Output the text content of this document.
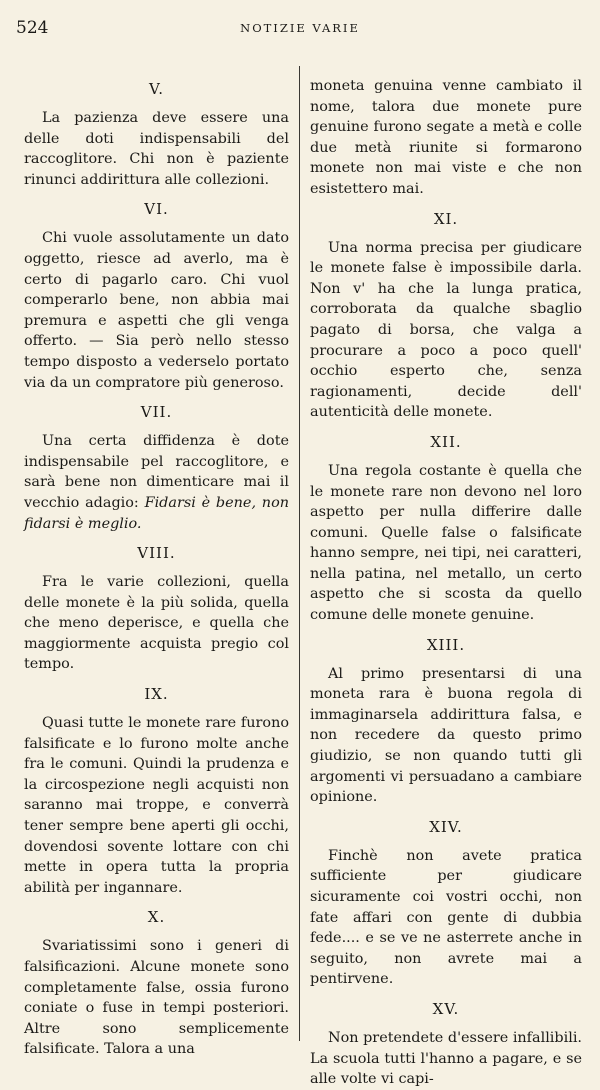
524	NOTIZIE VARIE
V.

La pazienza deve essere una delle doti indispensabili del raccoglitore. Chi non è paziente rinunci addirittura alle collezioni.

VI.

Chi vuole assolutamente un dato oggetto, riesce ad averlo, ma è certo di pagarlo caro. Chi vuol comperarlo bene, non abbia mai premura e aspetti che gli venga offerto. — Sia però nello stesso tempo disposto a vederselo portato via da un compratore più generoso.

VII.

Una certa diffidenza è dote indispensabile pel raccoglitore, e sarà bene non dimenticare mai il vecchio adagio: Fidarsi è bene, non fidarsi è meglio.

VIII.

Fra le varie collezioni, quella delle monete è la più solida, quella che meno deperisce, e quella che maggiormente acquista pregio col tempo.

IX.

Quasi tutte le monete rare furono falsificate e lo furono molte anche fra le comuni. Quindi la prudenza e la circospezione negli acquisti non saranno mai troppe, e converrà tener sempre bene aperti gli occhi, dovendosi sovente lottare con chi mette in opera tutta la propria abilità per ingannare.

X.

Svariatissimi sono i generi di falsificazioni. Alcune monete sono completamente false, ossia furono coniate o fuse in tempi posteriori. Altre sono semplicemente falsificate. Talora a una

moneta genuina venne cambiato il nome, talora due monete pure genuine furono segate a metà e colle due metà riunite si formarono monete non mai viste e che non esistettero mai.

XI.

Una norma precisa per giudicare le monete false è impossibile darla. Non v' ha che la lunga pratica, corroborata da qualche sbaglio pagato di borsa, che valga a procurare a poco a poco quell' occhio esperto che, senza ragionamenti, decide dell' autenticità delle monete.

XII.

Una regola costante è quella che le monete rare non devono nel loro aspetto per nulla differire dalle comuni. Quelle false o falsificate hanno sempre, nei tipi, nei caratteri, nella patina, nel metallo, un certo aspetto che si scosta da quello comune delle monete genuine.

XIII.

Al primo presentarsi di una moneta rara è buona regola di immaginarsela addirittura falsa, e non recedere da questo primo giudizio, se non quando tutti gli argomenti vi persuadano a cambiare opinione.

XIV.

Finchè non avete pratica sufficiente per giudicare sicuramente coi vostri occhi, non fate affari con gente di dubbia fede.... e se ve ne asterrete anche in seguito, non avrete mai a pentirvene.

XV.

Non pretendete d'essere infallibili. La scuola tutti l'hanno a pagare, e se alle volte vi capi-
